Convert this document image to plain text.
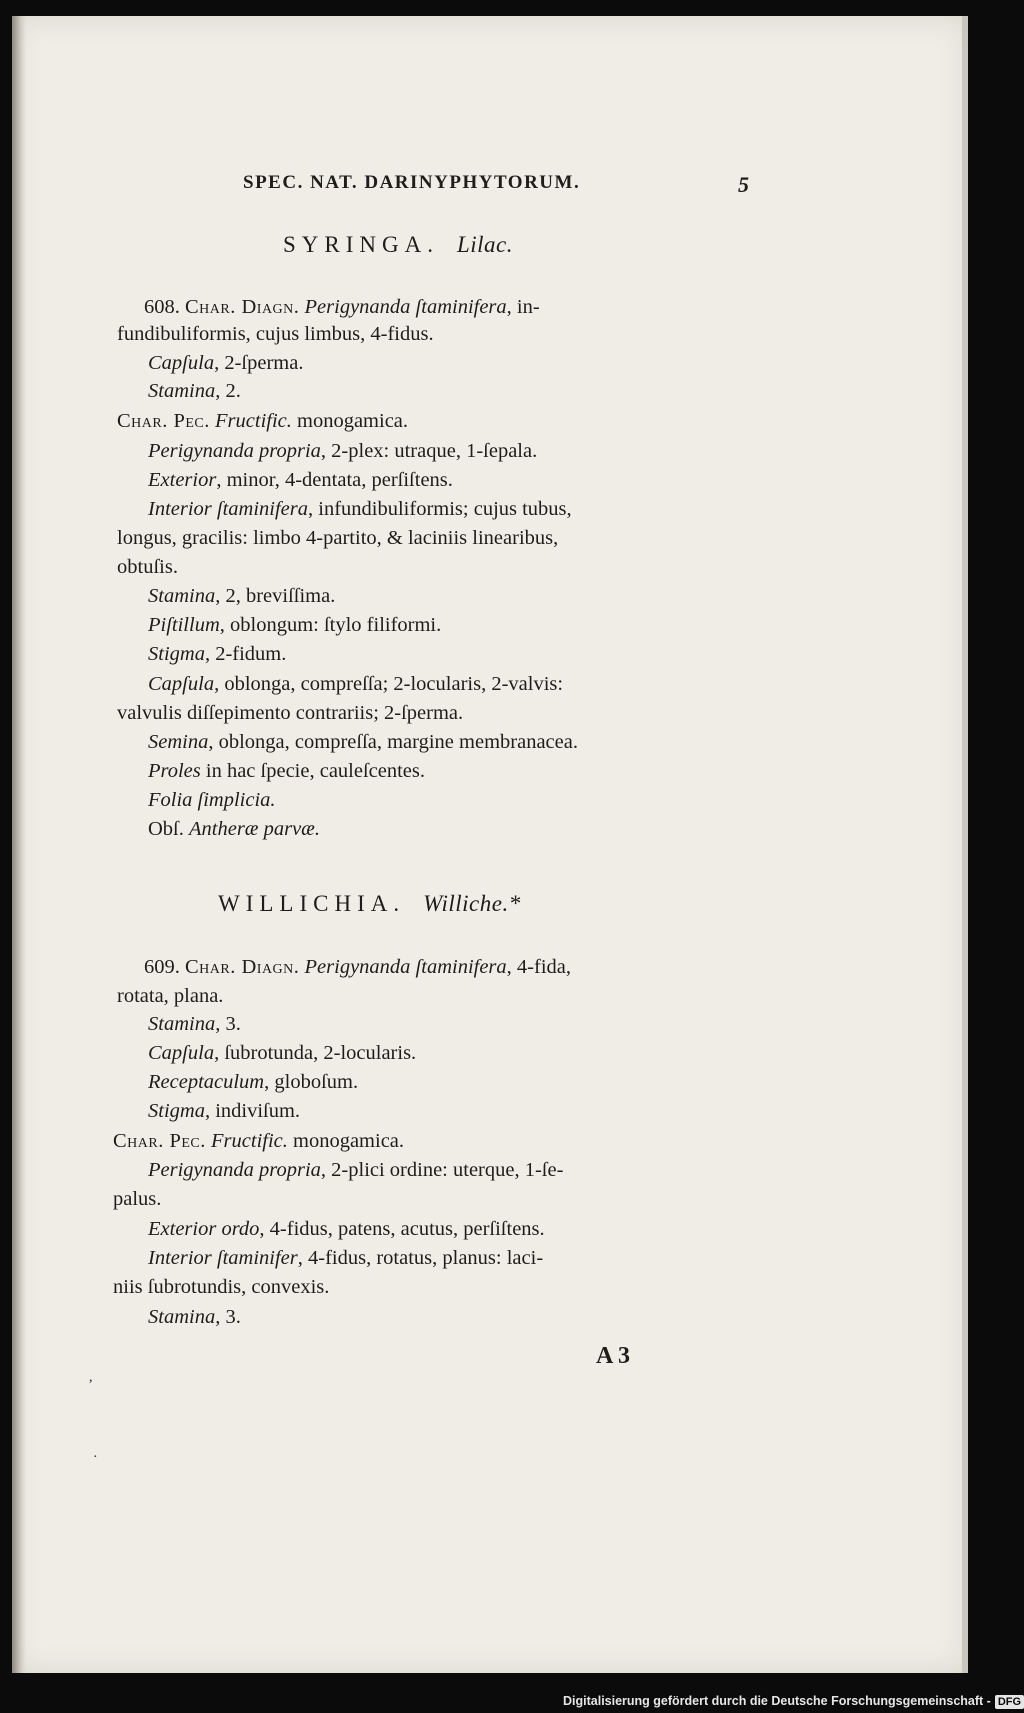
SPEC. NAT. DARINYPHYTORUM.	5
SYRINGA. Lilac.
608. Char. Diagn. Perigynanda ſtaminifera, in-
fundibuliformis, cujus limbus, 4-fidus.
Capſula, 2-ſperma.
Stamina, 2.
Char. Pec. Fructific. monogamica.
Perigynanda propria, 2-plex: utraque, 1-ſepala.
Exterior, minor, 4-dentata, perſiſtens.
Interior ſtaminifera, infundibuliformis; cujus tubus,
longus, gracilis: limbo 4-partito, & laciniis linearibus,
obtuſis.
Stamina, 2, breviſſima.
Piſtillum, oblongum: ſtylo filiformi.
Stigma, 2-fidum.
Capſula, oblonga, compreſſa; 2-locularis, 2-valvis:
valvulis diſſepimento contrariis; 2-ſperma.
Semina, oblonga, compreſſa, margine membranacea.
Proles in hac ſpecie, cauleſcentes.
Folia ſimplicia.
Obſ. Antheræ parvæ.
WILLICHIA. Williche.*
609. Char. Diagn. Perigynanda ſtaminifera, 4-fida,
rotata, plana.
Stamina, 3.
Capſula, ſubrotunda, 2-locularis.
Receptaculum, globoſum.
Stigma, indiviſum.
Char. Pec. Fructific. monogamica.
Perigynanda propria, 2-plici ordine: uterque, 1-ſe-
palus.
Exterior ordo, 4-fidus, patens, acutus, perſiſtens.
Interior ſtaminifer, 4-fidus, rotatus, planus: laci-
niis ſubrotundis, convexis.
Stamina, 3.
A 3
,
·
Digitalisierung gefördert durch die Deutsche Forschungsgemeinschaft - DFG
